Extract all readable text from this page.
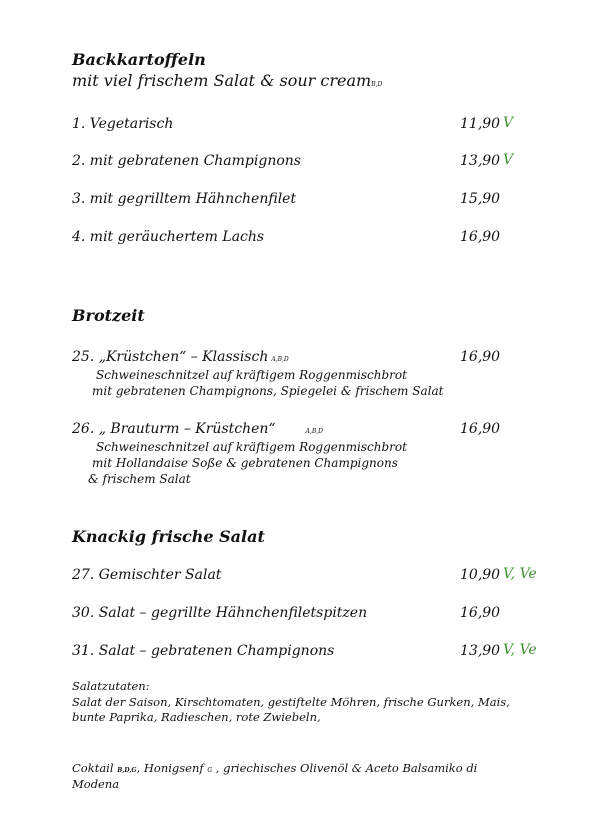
Backkartoffeln
mit viel frischem Salat & sour creamB,D
1. Vegetarisch	11,90 V
2. mit gebratenen Champignons	13,90 V
3. mit gegrilltem Hähnchenfilet	15,90
4. mit geräuchertem Lachs	16,90
Brotzeit
25. „Krüstchen“ – Klassisch A,B,D	16,90
Schweineschnitzel auf kräftigem Roggenmischbrot
mit gebratenen Champignons, Spiegelei & frischem Salat
26. „ Brauturm – Krüstchen“	A,B,D	16,90
Schweineschnitzel auf kräftigem Roggenmischbrot
mit Hollandaise Soße & gebratenen Champignons
& frischem Salat
Knackig frische Salat
27. Gemischter Salat	10,90 V, Ve
30. Salat – gegrillte Hähnchenfiletspitzen	16,90
31. Salat – gebratenen Champignons	13,90 V, Ve
Salatzutaten:
Salat der Saison, Kirschtomaten, gestiftelte Möhren, frische Gurken, Mais,
bunte Paprika, Radieschen, rote Zwiebeln,
Coktail B,D,G, Honigsenf G , griechisches Olivenöl & Aceto Balsamiko di
Modena
